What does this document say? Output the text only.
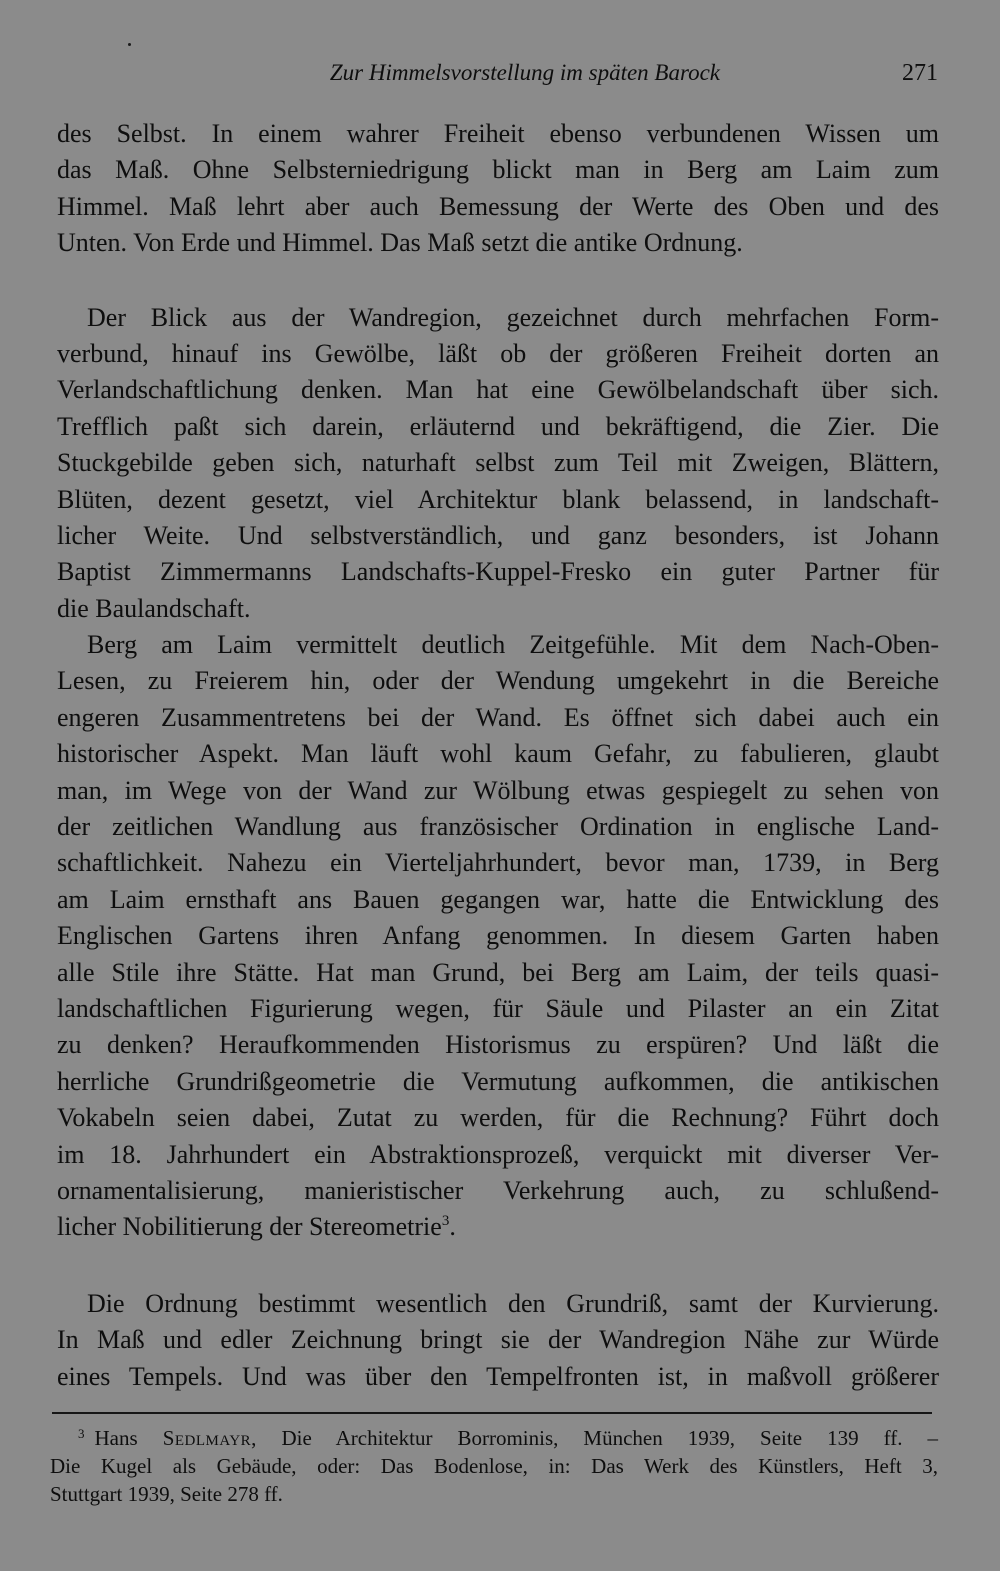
Zur Himmelsvorstellung im späten Barock	271
des Selbst. In einem wahrer Freiheit ebenso verbundenen Wissen um
das Maß. Ohne Selbsterniedrigung blickt man in Berg am Laim zum
Himmel. Maß lehrt aber auch Bemessung der Werte des Oben und des
Unten. Von Erde und Himmel. Das Maß setzt die antike Ordnung.
Der Blick aus der Wandregion, gezeichnet durch mehrfachen Form-
verbund, hinauf ins Gewölbe, läßt ob der größeren Freiheit dorten an
Verlandschaftlichung denken. Man hat eine Gewölbelandschaft über sich.
Trefflich paßt sich darein, erläuternd und bekräftigend, die Zier. Die
Stuckgebilde geben sich, naturhaft selbst zum Teil mit Zweigen, Blättern,
Blüten, dezent gesetzt, viel Architektur blank belassend, in landschaft-
licher Weite. Und selbstverständlich, und ganz besonders, ist Johann
Baptist Zimmermanns Landschafts-Kuppel-Fresko ein guter Partner für
die Baulandschaft.
Berg am Laim vermittelt deutlich Zeitgefühle. Mit dem Nach-Oben-
Lesen, zu Freierem hin, oder der Wendung umgekehrt in die Bereiche
engeren Zusammentretens bei der Wand. Es öffnet sich dabei auch ein
historischer Aspekt. Man läuft wohl kaum Gefahr, zu fabulieren, glaubt
man, im Wege von der Wand zur Wölbung etwas gespiegelt zu sehen von
der zeitlichen Wandlung aus französischer Ordination in englische Land-
schaftlichkeit. Nahezu ein Vierteljahrhundert, bevor man, 1739, in Berg
am Laim ernsthaft ans Bauen gegangen war, hatte die Entwicklung des
Englischen Gartens ihren Anfang genommen. In diesem Garten haben
alle Stile ihre Stätte. Hat man Grund, bei Berg am Laim, der teils quasi-
landschaftlichen Figurierung wegen, für Säule und Pilaster an ein Zitat
zu denken? Heraufkommenden Historismus zu erspüren? Und läßt die
herrliche Grundrißgeometrie die Vermutung aufkommen, die antikischen
Vokabeln seien dabei, Zutat zu werden, für die Rechnung? Führt doch
im 18. Jahrhundert ein Abstraktionsprozeß, verquickt mit diverser Ver-
ornamentalisierung, manieristischer Verkehrung auch, zu schlußend-
licher Nobilitierung der Stereometrie$^3$.
Die Ordnung bestimmt wesentlich den Grundriß, samt der Kurvierung.
In Maß und edler Zeichnung bringt sie der Wandregion Nähe zur Würde
eines Tempels. Und was über den Tempelfronten ist, in maßvoll größerer
$^3$ Hans Sedlmayr, Die Architektur Borrominis, München 1939, Seite 139 ff. –
Die Kugel als Gebäude, oder: Das Bodenlose, in: Das Werk des Künstlers, Heft 3,
Stuttgart 1939, Seite 278 ff.
